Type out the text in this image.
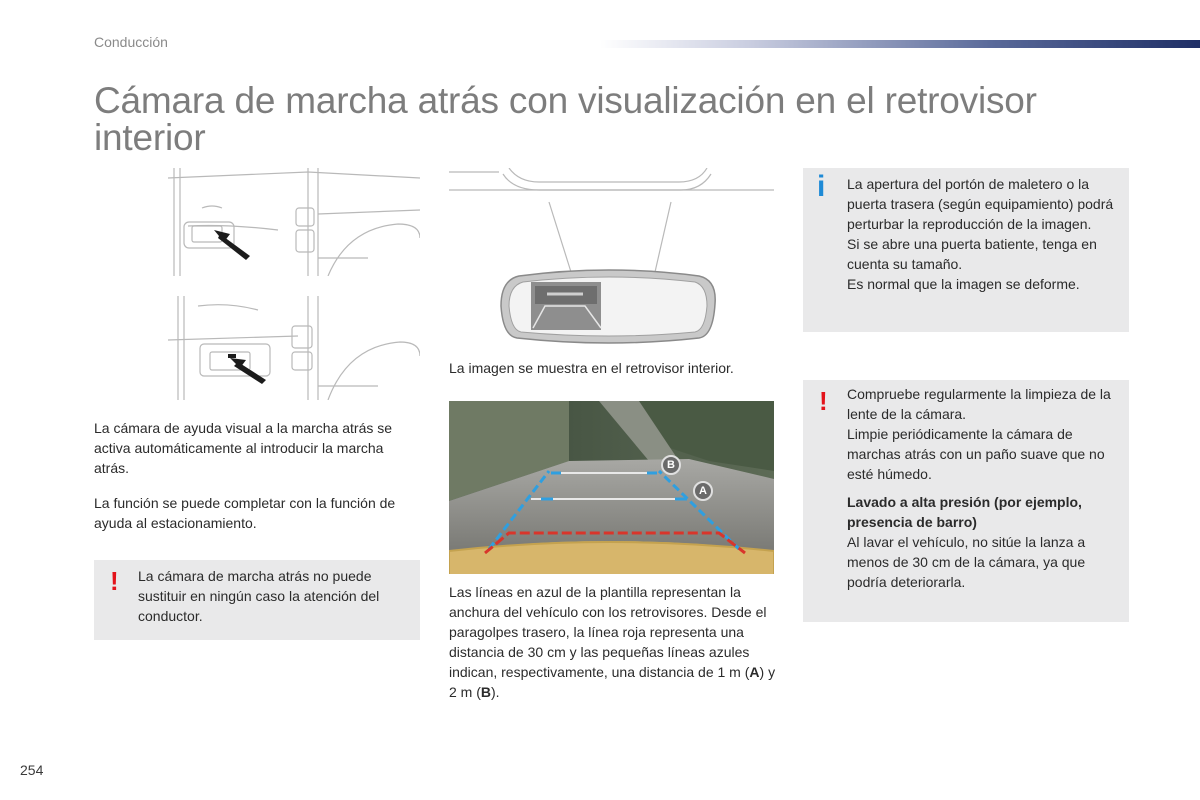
Conducción
Cámara de marcha atrás con visualización en el retrovisor interior
La cámara de ayuda visual a la marcha atrás se activa automáticamente al introducir la marcha atrás.
La función se puede completar con la función de ayuda al estacionamiento.
! La cámara de marcha atrás no puede sustituir en ningún caso la atención del conductor.
La imagen se muestra en el retrovisor interior.
B
A
Las líneas en azul de la plantilla representan la anchura del vehículo con los retrovisores. Desde el paragolpes trasero, la línea roja representa una distancia de 30 cm y las pequeñas líneas azules indican, respectivamente, una distancia de 1 m (A) y 2 m (B).
i La apertura del portón de maletero o la puerta trasera (según equipamiento) podrá perturbar la reproducción de la imagen.

Si se abre una puerta batiente, tenga en cuenta su tamaño.

Es normal que la imagen se deforme.

! Compruebe regularmente la limpieza de la lente de la cámara.

Limpie periódicamente la cámara de marchas atrás con un paño suave que no esté húmedo.

Lavado a alta presión (por ejemplo, presencia de barro)

Al lavar el vehículo, no sitúe la lanza a menos de 30 cm de la cámara, ya que podría deteriorarla.

254
